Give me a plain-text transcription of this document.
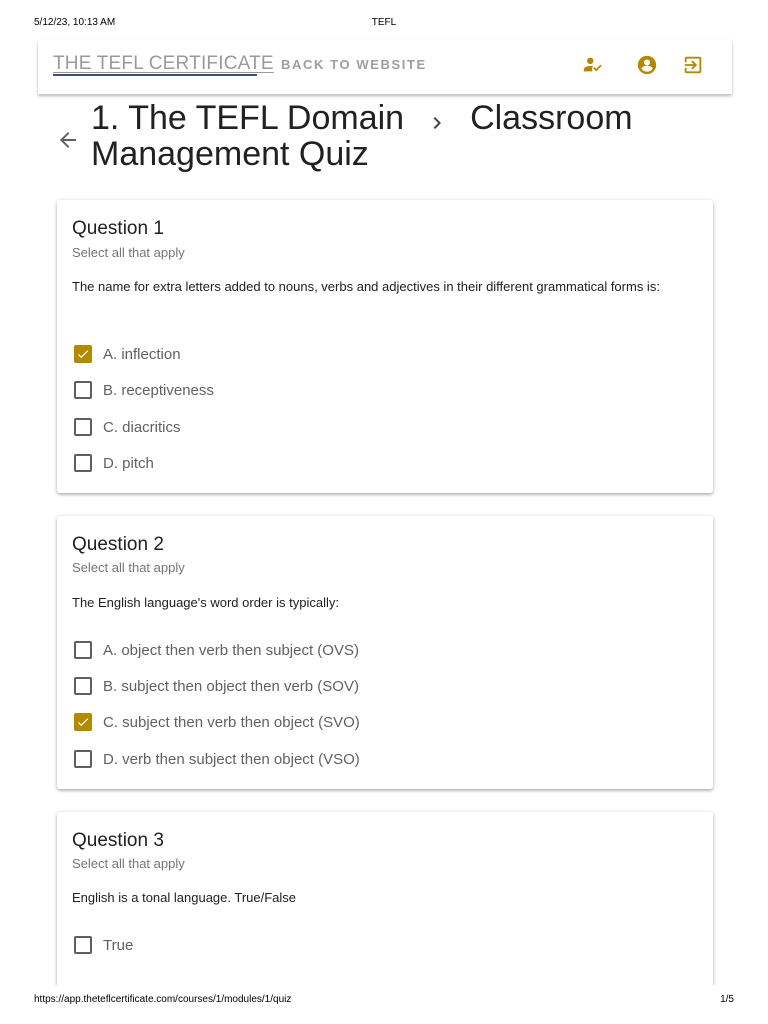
5/12/23, 10:13 AM	TEFL
THE TEFL CERTIFICATE BACK TO WEBSITE
1. The TEFL Domain Classroom Management Quiz
Question 1
Select all that apply
The name for extra letters added to nouns, verbs and adjectives in their different grammatical forms is:
A. inflection
B. receptiveness
C. diacritics
D. pitch
Question 2
Select all that apply
The English language's word order is typically:
A. object then verb then subject (OVS)
B. subject then object then verb (SOV)
C. subject then verb then object (SVO)
D. verb then subject then object (VSO)
Question 3
Select all that apply
English is a tonal language. True/False
True
https://app.theteflcertificate.com/courses/1/modules/1/quiz	1/5
